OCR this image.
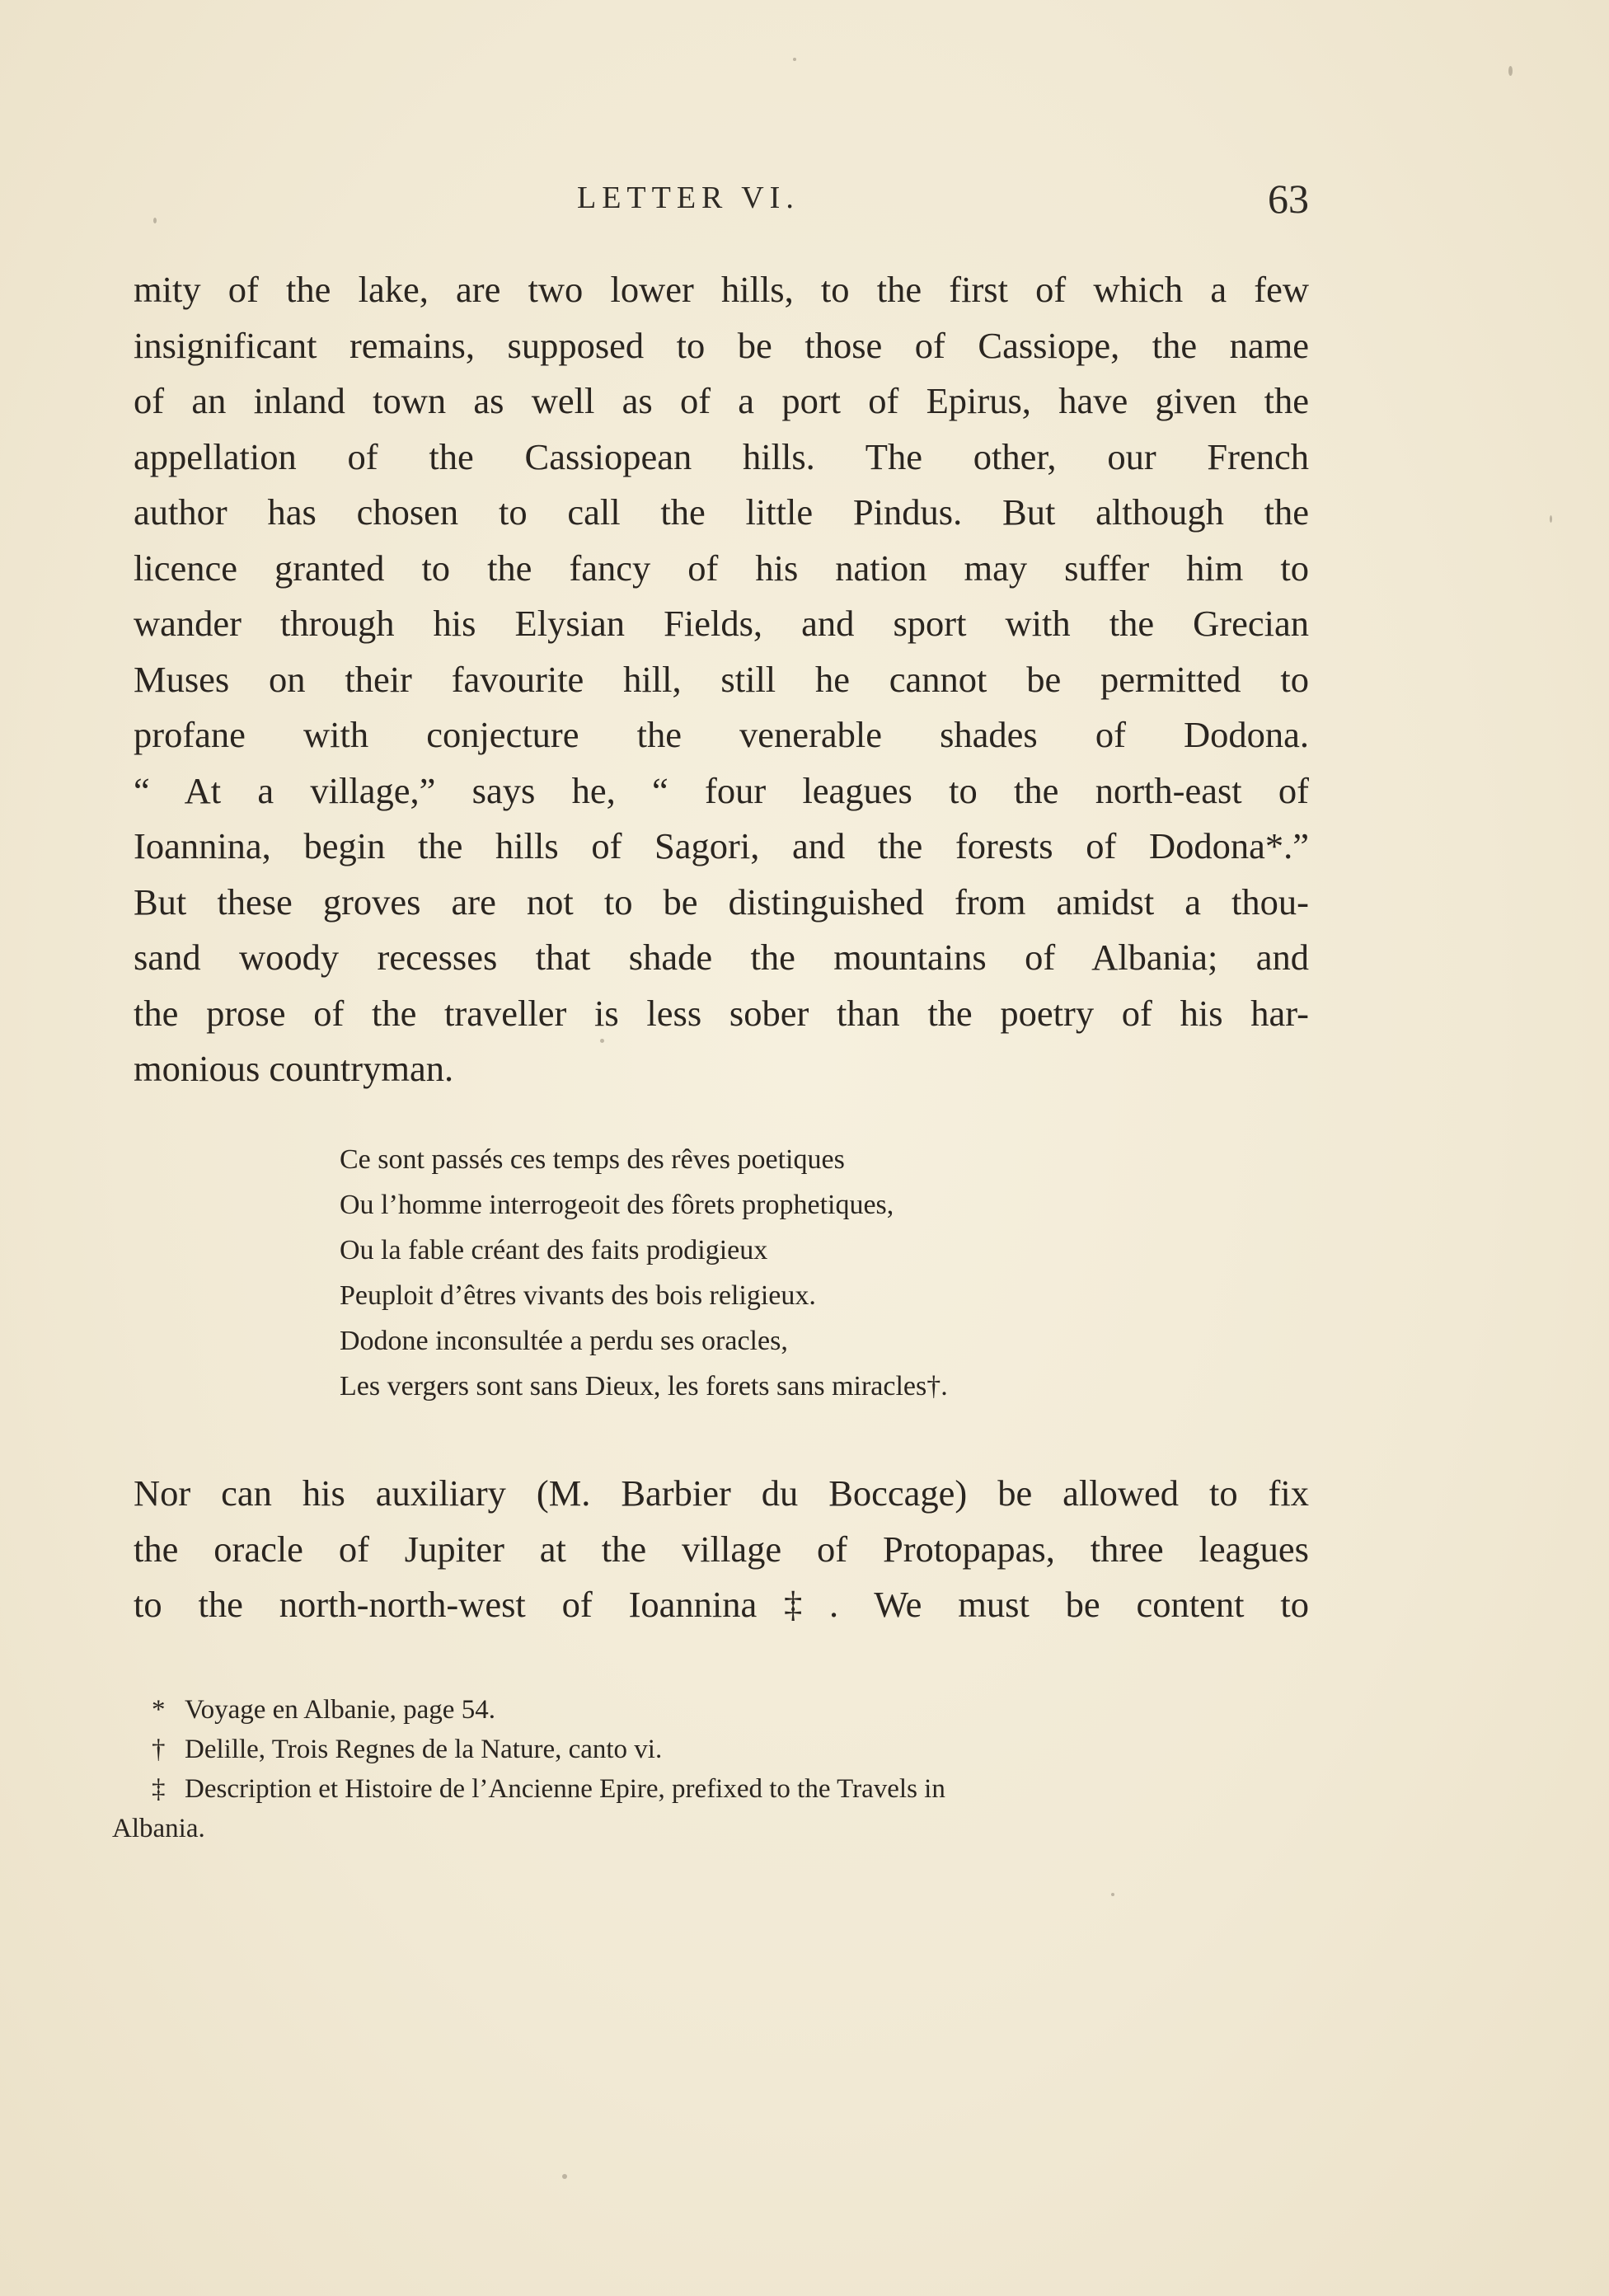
LETTER VI.	63
mity of the lake, are two lower hills, to the first of which a few
insignificant remains, supposed to be those of Cassiope, the name
of an inland town as well as of a port of Epirus, have given the
appellation of the Cassiopean hills. The other, our French
author has chosen to call the little Pindus. But although the
licence granted to the fancy of his nation may suffer him to
wander through his Elysian Fields, and sport with the Grecian
Muses on their favourite hill, still he cannot be permitted to
profane with conjecture the venerable shades of Dodona.
“ At a village,” says he, “ four leagues to the north-east of
Ioannina, begin the hills of Sagori, and the forests of Dodona*.”
But these groves are not to be distinguished from amidst a thou-
sand woody recesses that shade the mountains of Albania; and
the prose of the traveller is less sober than the poetry of his har-
monious countryman.
Ce sont passés ces temps des rêves poetiques
Ou l’homme interrogeoit des fôrets prophetiques,
Ou la fable créant des faits prodigieux
Peuploit d’êtres vivants des bois religieux.
Dodone inconsultée a perdu ses oracles,
Les vergers sont sans Dieux, les forets sans miracles†.
Nor can his auxiliary (M. Barbier du Boccage) be allowed to fix
the oracle of Jupiter at the village of Protopapas, three leagues
to the north-north-west of Ioannina‡. We must be content to
* Voyage en Albanie, page 54.
† Delille, Trois Regnes de la Nature, canto vi.
‡ Description et Histoire de l’Ancienne Epire, prefixed to the Travels in
Albania.
